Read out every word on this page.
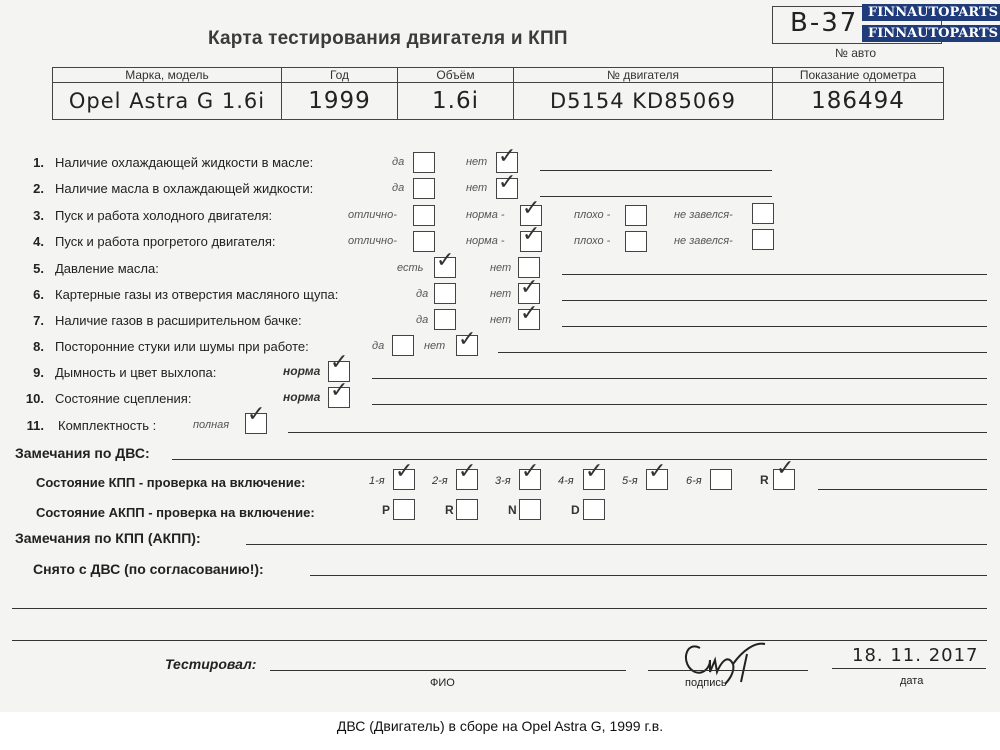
Карта тестирования двигателя и КПП
B-37
№ авто
FINNAUTOPARTS
FINNAUTOPARTS
Марка, модель	Год	Объём	№ двигателя	Показание одометра
Opel Astra G 1.6i	1999	1.6i	D5154 KD85069	186494
1. Наличие охлаждающей жидкости в масле:	да	нет ✓
2. Наличие масла в охлаждающей жидкости:	да	нет ✓
3. Пуск и работа холодного двигателя:	отлично-	норма - ✓	плохо -	не завелся-
4. Пуск и работа прогретого двигателя:	отлично-	норма - ✓	плохо -	не завелся-
5. Давление масла:	есть ✓	нет
6. Картерные газы из отверстия масляного щупа:	да	нет ✓
7. Наличие газов в расширительном бачке:	да	нет ✓
8. Посторонние стуки или шумы при работе:	да	нет ✓
9. Дымность и цвет выхлопа:	норма ✓
10. Состояние сцепления:	норма ✓
11. Комплектность :	полная ✓
Замечания по ДВС:
Состояние КПП - проверка на включение:	1-я ✓ 2-я ✓ 3-я ✓ 4-я ✓ 5-я ✓ 6-я	R ✓
Состояние АКПП - проверка на включение:	P	R	N	D
Замечания по КПП (АКПП):
Снято с ДВС (по согласованию!):
Тестировал:
ФИО	подпись
18. 11. 2017
дата
ДВС (Двигатель) в сборе на Opel Astra G, 1999 г.в.
